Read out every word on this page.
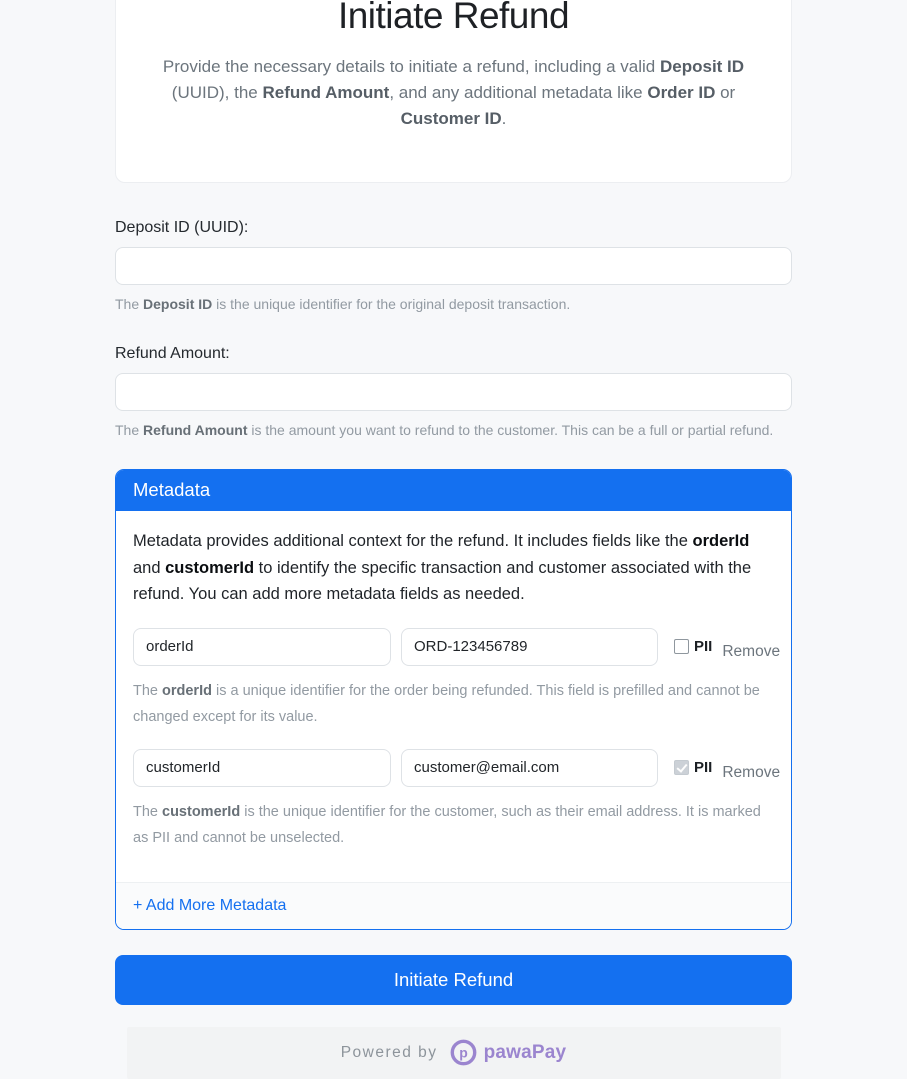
Initiate Refund

Provide the necessary details to initiate a refund, including a valid Deposit ID (UUID), the Refund Amount, and any additional metadata like Order ID or Customer ID.

Deposit ID (UUID):

The Deposit ID is the unique identifier for the original deposit transaction.

Refund Amount:

The Refund Amount is the amount you want to refund to the customer. This can be a full or partial refund.

Metadata

Metadata provides additional context for the refund. It includes fields like the orderId and customerId to identify the specific transaction and customer associated with the refund. You can add more metadata fields as needed.

orderId
ORD-123456789
PII Remove

The orderId is a unique identifier for the order being refunded. This field is prefilled and cannot be changed except for its value.

customerId
customer@email.com
PII Remove

The customerId is the unique identifier for the customer, such as their email address. It is marked as PII and cannot be unselected.

+ Add More Metadata
Initiate Refund
Powered by p pawaPay
